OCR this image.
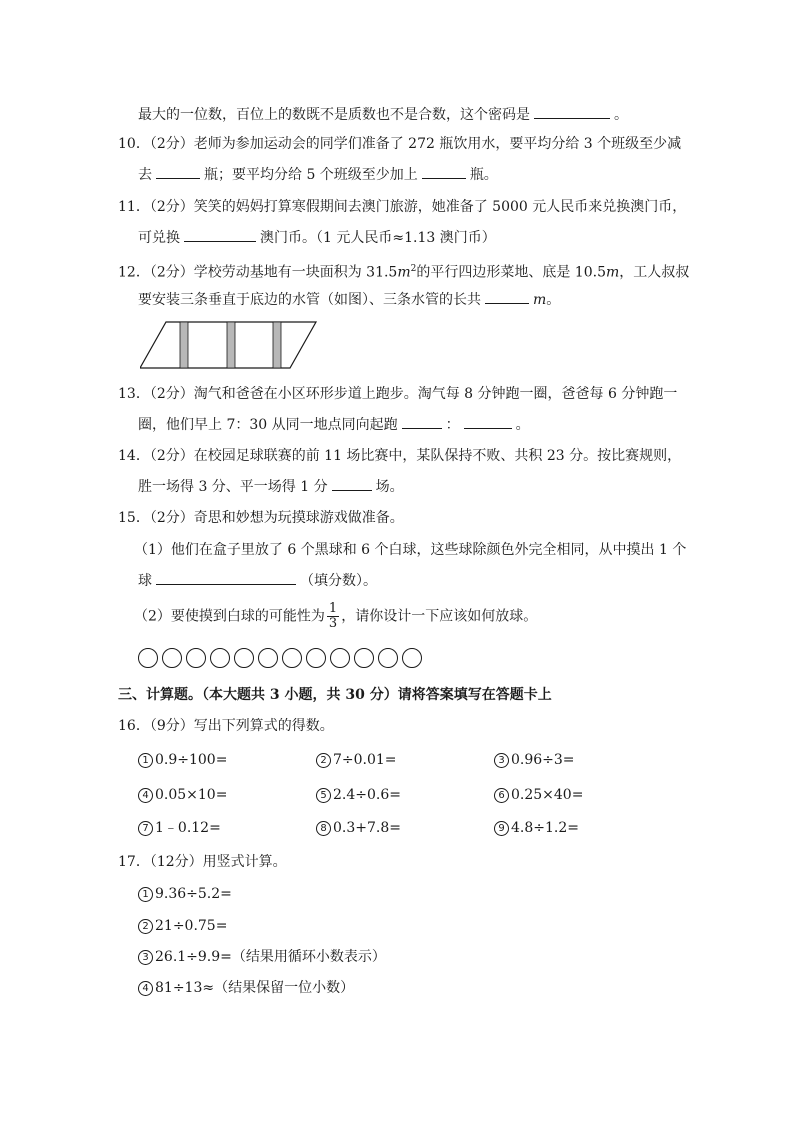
最大的一位数，百位上的数既不是质数也不是合数，这个密码是	。
10．（2分）老师为参加运动会的同学们准备了 272 瓶饮用水，要平均分给 3 个班级至少减
去	瓶；要平均分给 5 个班级至少加上	瓶。
11．（2分）笑笑的妈妈打算寒假期间去澳门旅游，她准备了 5000 元人民币来兑换澳门币，
可兑换	澳门币。（1 元人民币≈1.13 澳门币）
12．（2分）学校劳动基地有一块面积为 $31.5m^2$的平行四边形菜地、底是 10.5m，工人叔叔
要安装三条垂直于底边的水管（如图）、三条水管的长共	m。
13．（2分）淘气和爸爸在小区环形步道上跑步。淘气每 8 分钟跑一圈，爸爸每 6 分钟跑一
圈，他们早上 7：30 从同一地点同向起跑	：	。
14．（2分）在校园足球联赛的前 11 场比赛中，某队保持不败、共积 23 分。按比赛规则，
胜一场得 3 分、平一场得 1 分	场。
15．（2分）奇思和妙想为玩摸球游戏做准备。
（1）他们在盒子里放了 6 个黑球和 6 个白球，这些球除颜色外完全相同，从中摸出 1 个
球	（填分数）。
（2）要使摸到白球的可能性为 $\frac{1}{3}$ ，请你设计一下应该如何放球。
三、计算题。（本大题共 3 小题，共 30 分）请将答案填写在答题卡上
16．（9分）写出下列算式的得数。
1 0.9÷100=	2 7÷0.01=	3 0.96÷3=
4 0.05×10=	5 2.4÷0.6=	6 0.25×40=
7 1﹣0.12=	8 0.3+7.8=	9 4.8÷1.2=
17．（12分）用竖式计算。
1 9.36÷5.2=
2 21÷0.75=
3 26.1÷9.9=（结果用循环小数表示）
4 81÷13≈（结果保留一位小数）
